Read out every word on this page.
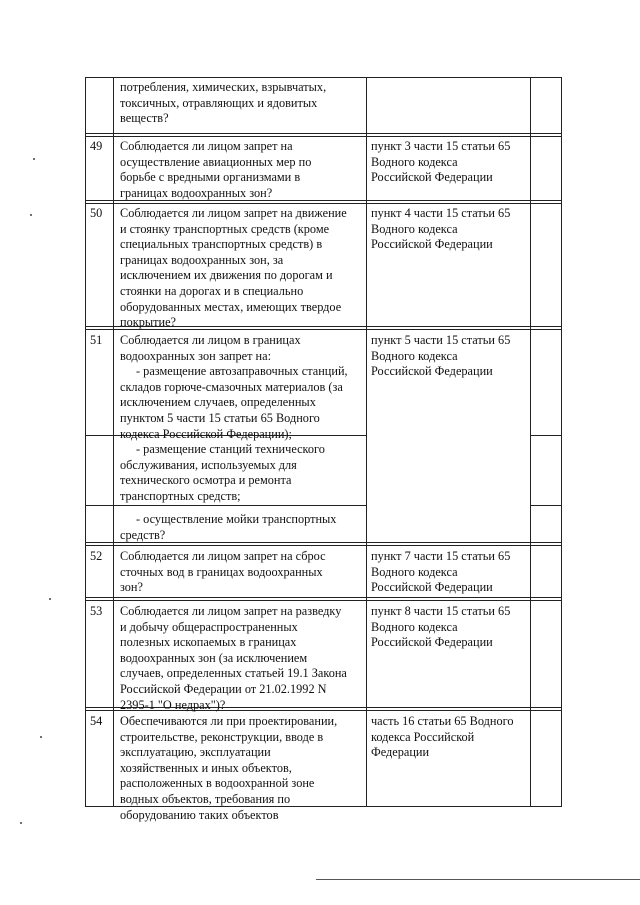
потребления, химических, взрывчатых,
токсичных, отравляющих и ядовитых
веществ?
49 Соблюдается ли лицом запрет на
осуществление авиационных мер по
борьбе с вредными организмами в
границах водоохранных зон?
пункт 3 части 15 статьи 65
Водного кодекса
Российской Федерации
50 Соблюдается ли лицом запрет на движение
и стоянку транспортных средств (кроме
специальных транспортных средств) в
границах водоохранных зон, за
исключением их движения по дорогам и
стоянки на дорогах и в специально
оборудованных местах, имеющих твердое
покрытие?
пункт 4 части 15 статьи 65
Водного кодекса
Российской Федерации
51 Соблюдается ли лицом в границах
водоохранных зон запрет на:
- размещение автозаправочных станций,
складов горюче-смазочных материалов (за
исключением случаев, определенных
пунктом 5 части 15 статьи 65 Водного
кодекса Российской Федерации);
пункт 5 части 15 статьи 65
Водного кодекса
Российской Федерации
- размещение станций технического
обслуживания, используемых для
технического осмотра и ремонта
транспортных средств;
- осуществление мойки транспортных
средств?
52 Соблюдается ли лицом запрет на сброс
сточных вод в границах водоохранных
зон?
пункт 7 части 15 статьи 65
Водного кодекса
Российской Федерации
53 Соблюдается ли лицом запрет на разведку
и добычу общераспространенных
полезных ископаемых в границах
водоохранных зон (за исключением
случаев, определенных статьей 19.1 Закона
Российской Федерации от 21.02.1992 N
2395-1 "О недрах")?
пункт 8 части 15 статьи 65
Водного кодекса
Российской Федерации
54 Обеспечиваются ли при проектировании,
строительстве, реконструкции, вводе в
эксплуатацию, эксплуатации
хозяйственных и иных объектов,
расположенных в водоохранной зоне
водных объектов, требования по
оборудованию таких объектов
часть 16 статьи 65 Водного
кодекса Российской
Федерации
